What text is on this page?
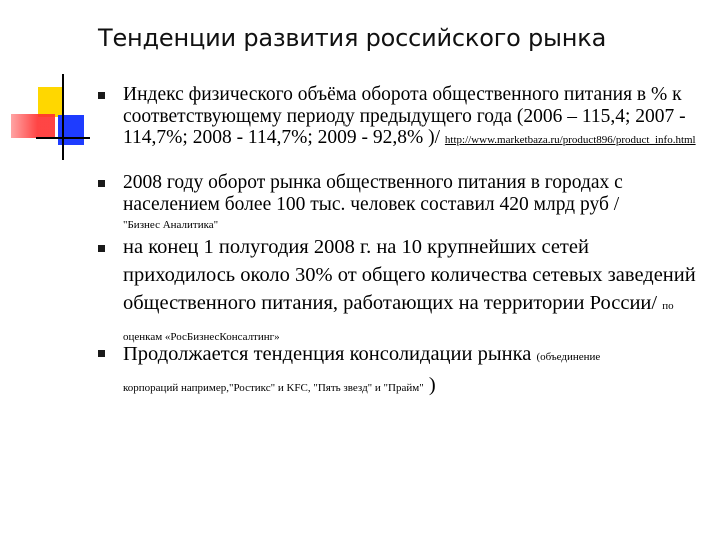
Тенденции развития российского рынка
Индекс физического объёма оборота общественного питания в % к соответствующему периоду предыдущего года (2006 – 115,4; 2007 - 114,7%; 2008 - 114,7%; 2009 - 92,8% )/ http://www.marketbaza.ru/product896/product_info.html
2008 году оборот рынка общественного питания в городах с населением более 100 тыс. человек составил 420 млрд руб /
"Бизнес Аналитика"
на конец 1 полугодия 2008 г. на 10 крупнейших сетей приходилось около 30% от общего количества сетевых заведений общественного питания, работающих на территории России/ по оценкам «РосБизнесКонсалтинг»
Продолжается тенденция консолидации рынка (объединение
корпораций например,"Ростикс" и KFC, "Пять звезд" и "Прайм" )
